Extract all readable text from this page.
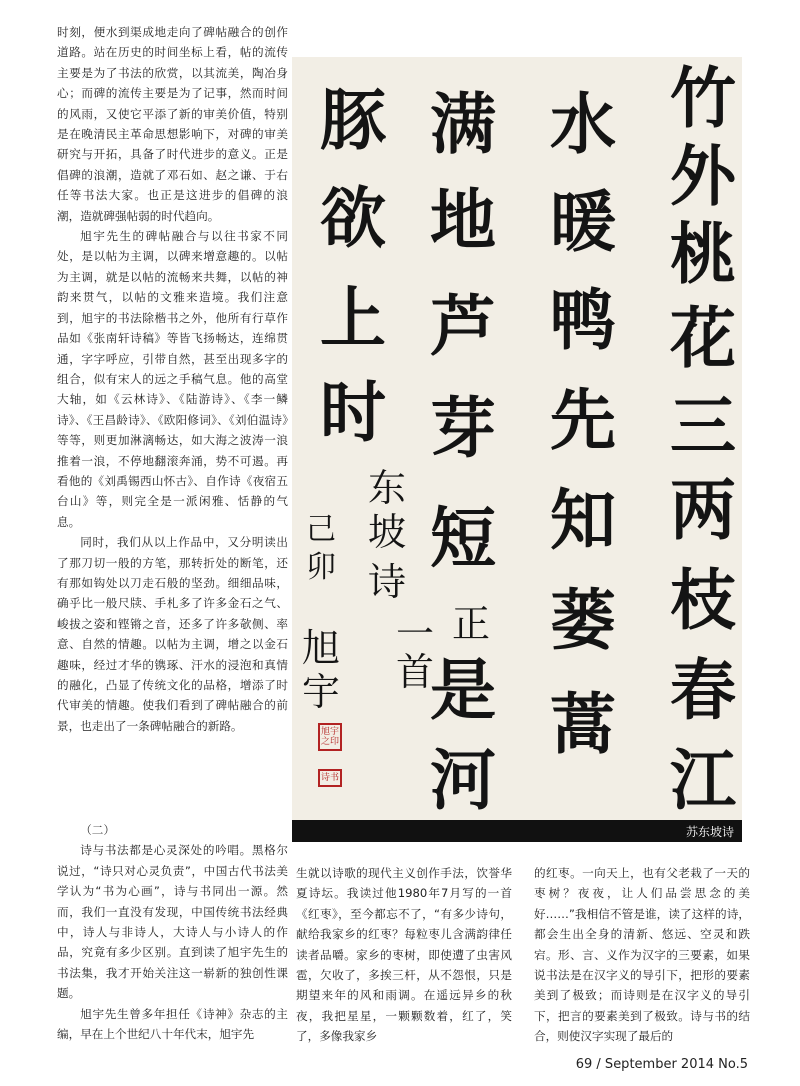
时刻，便水到渠成地走向了碑帖融合的创作道路。站在历史的时间坐标上看，帖的流传主要是为了书法的欣赏，以其流美，陶冶身心；而碑的流传主要是为了记事，然而时间的风雨，又使它平添了新的审美价值，特别是在晚清民主革命思想影响下，对碑的审美研究与开拓，具备了时代进步的意义。正是倡碑的浪潮，造就了邓石如、赵之谦、于右任等书法大家。也正是这进步的倡碑的浪潮，造就碑强帖弱的时代趋向。

旭宇先生的碑帖融合与以往书家不同处，是以帖为主调，以碑来增意趣的。以帖为主调，就是以帖的流畅来共舞，以帖的神韵来贯气，以帖的文雅来造境。我们注意到，旭宇的书法除楷书之外，他所有行草作品如《张南轩诗稿》等皆飞扬畅达，连绵贯通，字字呼应，引带自然，甚至出现多字的组合，似有宋人的远之手稿气息。他的高堂大轴，如《云林诗》、《陆游诗》、《李一鳞诗》、《王昌龄诗》、《欧阳修词》、《刘伯温诗》等等，则更加淋漓畅达，如大海之波涛一浪推着一浪，不停地翻滚奔涌，势不可遏。再看他的《刘禹锡西山怀古》、自作诗《夜宿五台山》等，则完全是一派闲雅、恬静的气息。

同时，我们从以上作品中，又分明读出了那刀切一般的方笔，那转折处的断笔，还有那如钩处以刀走石般的坚劲。细细品味，确乎比一般尺牍、手札多了许多金石之气、峻拔之姿和铿锵之音，还多了许多欹侧、率意、自然的情趣。以帖为主调，增之以金石趣味，经过才华的镌琢、汗水的浸泡和真情的融化，凸显了传统文化的品格，增添了时代审美的情趣。使我们看到了碑帖融合的前景，也走出了一条碑帖融合的新路。

（二）

诗与书法都是心灵深处的吟唱。黑格尔说过，“诗只对心灵负责”，中国古代书法美学认为“书为心画”，诗与书同出一源。然而，我们一直没有发现，中国传统书法经典中，诗人与非诗人，大诗人与小诗人的作品，究竟有多少区别。直到读了旭宇先生的书法集，我才开始关注这一崭新的独创性课题。

旭宇先生曾多年担任《诗神》杂志的主编，早在上个世纪八十年代末，旭宇先

竹
外
桃
花
三
两
枝
春
江
水
暖
鸭
先
知
蒌
蒿
满
地
芦
芽
短
正
是
河
豚
欲
上
时
东
坡
诗
一
首
己
卯
旭
宇
旭宇之印
诗书
苏东坡诗

生就以诗歌的现代主义创作手法，饮誉华夏诗坛。我读过他1980年7月写的一首《红枣》，至今都忘不了，“有多少诗句，献给我家乡的红枣？每粒枣儿含满韵律任读者品嚼。家乡的枣树，即使遭了虫害风雹，欠收了，多挨三杆，从不怨恨，只是期望来年的风和雨调。在遥远异乡的秋夜，我把星星，一颗颗数着，红了，笑了，多像我家乡

的红枣。一向天上，也有父老栽了一天的枣树？夜夜，让人们品尝思念的美好……”我相信不管是谁，读了这样的诗，都会生出全身的清新、悠远、空灵和跌宕。形、言、义作为汉字的三要素，如果说书法是在汉字义的导引下，把形的要素美到了极致；而诗则是在汉字义的导引下，把言的要素美到了极致。诗与书的结合，则使汉字实现了最后的

69 / September 2014 No.5
